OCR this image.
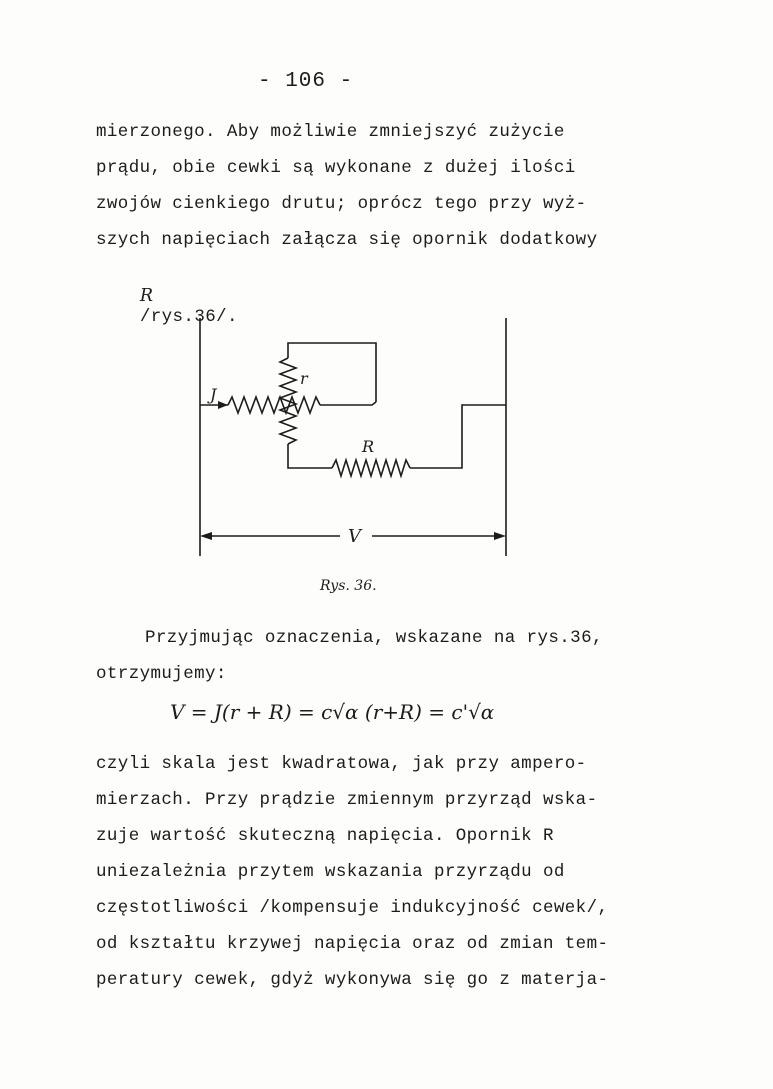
- 106 -
mierzonego. Aby możliwie zmniejszyć zużycie
prądu, obie cewki są wykonane z dużej ilości
zwojów cienkiego drutu; oprócz tego przy wyż-
szych napięciach załącza się opornik dodatkowy

R
/rys.36/.

J
r
R
V
Rys. 36.
Przyjmując oznaczenia, wskazane na rys.36,
otrzymujemy:
V = J(r + R) = c√α (r+R) = c'√α
czyli skala jest kwadratowa, jak przy ampero-
mierzach. Przy prądzie zmiennym przyrząd wska-
zuje wartość skuteczną napięcia. Opornik R
uniezależnia przytem wskazania przyrządu od
częstotliwości /kompensuje indukcyjność cewek/,
od kształtu krzywej napięcia oraz od zmian tem-
peratury cewek, gdyż wykonywa się go z materja-
